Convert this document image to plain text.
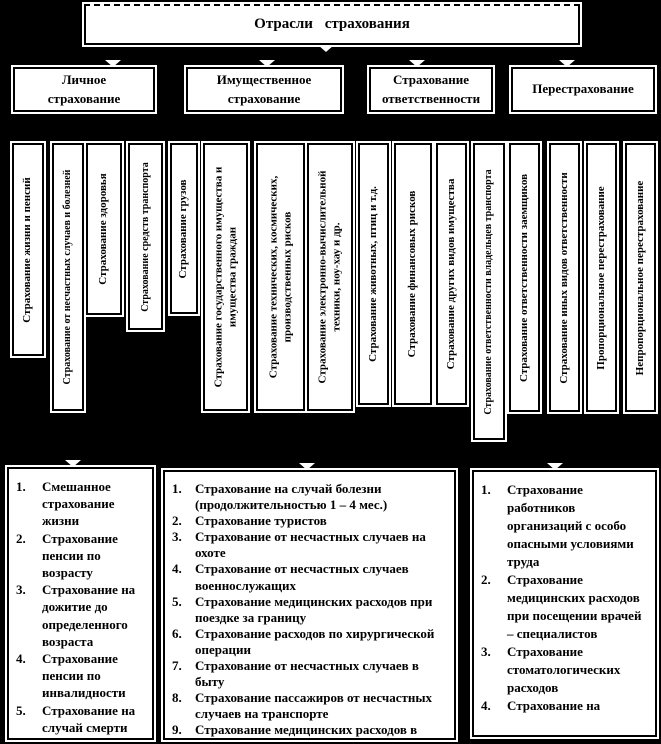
Отрасли страхования
Личное страхование
Имущественное страхование
Страхование ответственности
Перестрахование
Страхование жизни и пенсий	Страхование от несчастных случаев и болезней Страхование здоровья	Страхование средств транспорта Страхование грузов Страхование государственного имущества и имущества граждан	Страхование технических, космических, производственных рисков Страхование электронно-вычислительной техники, ноу-хау и др. Страхование животных, птиц и т.д.	Страхование финансовых рисков Страхование других видов имущества	Страхование ответственности владельцев транспорта Страхование ответственности заемщиков	Страхование иных видов ответственности Пропорциональное перестрахование Непропорциональное перестрахование
1.	Смешанное страхование жизни
2.	Страхование пенсии по возрасту
3.	Страхование на дожитие до определенного возраста
4.	Страхование пенсии по инвалидности
5.	Страхование на случай смерти
1.	Страхование на случай болезни (продолжительностью 1 – 4 мес.)
2.	Страхование туристов
3.	Страхование от несчастных случаев на охоте
4.	Страхование от несчастных случаев военнослужащих
5.	Страхование медицинских расходов при поездке за границу
6.	Страхование расходов по хирургической операции
7.	Страхование от несчастных случаев в быту
8.	Страхование пассажиров от несчастных случаев на транспорте
9.	Страхование медицинских расходов в
1.	Страхование работников организаций с особо опасными условиями труда
2.	Страхование медицинских расходов при посещении врачей – специалистов
3.	Страхование стоматологических расходов
4.	Страхование на
